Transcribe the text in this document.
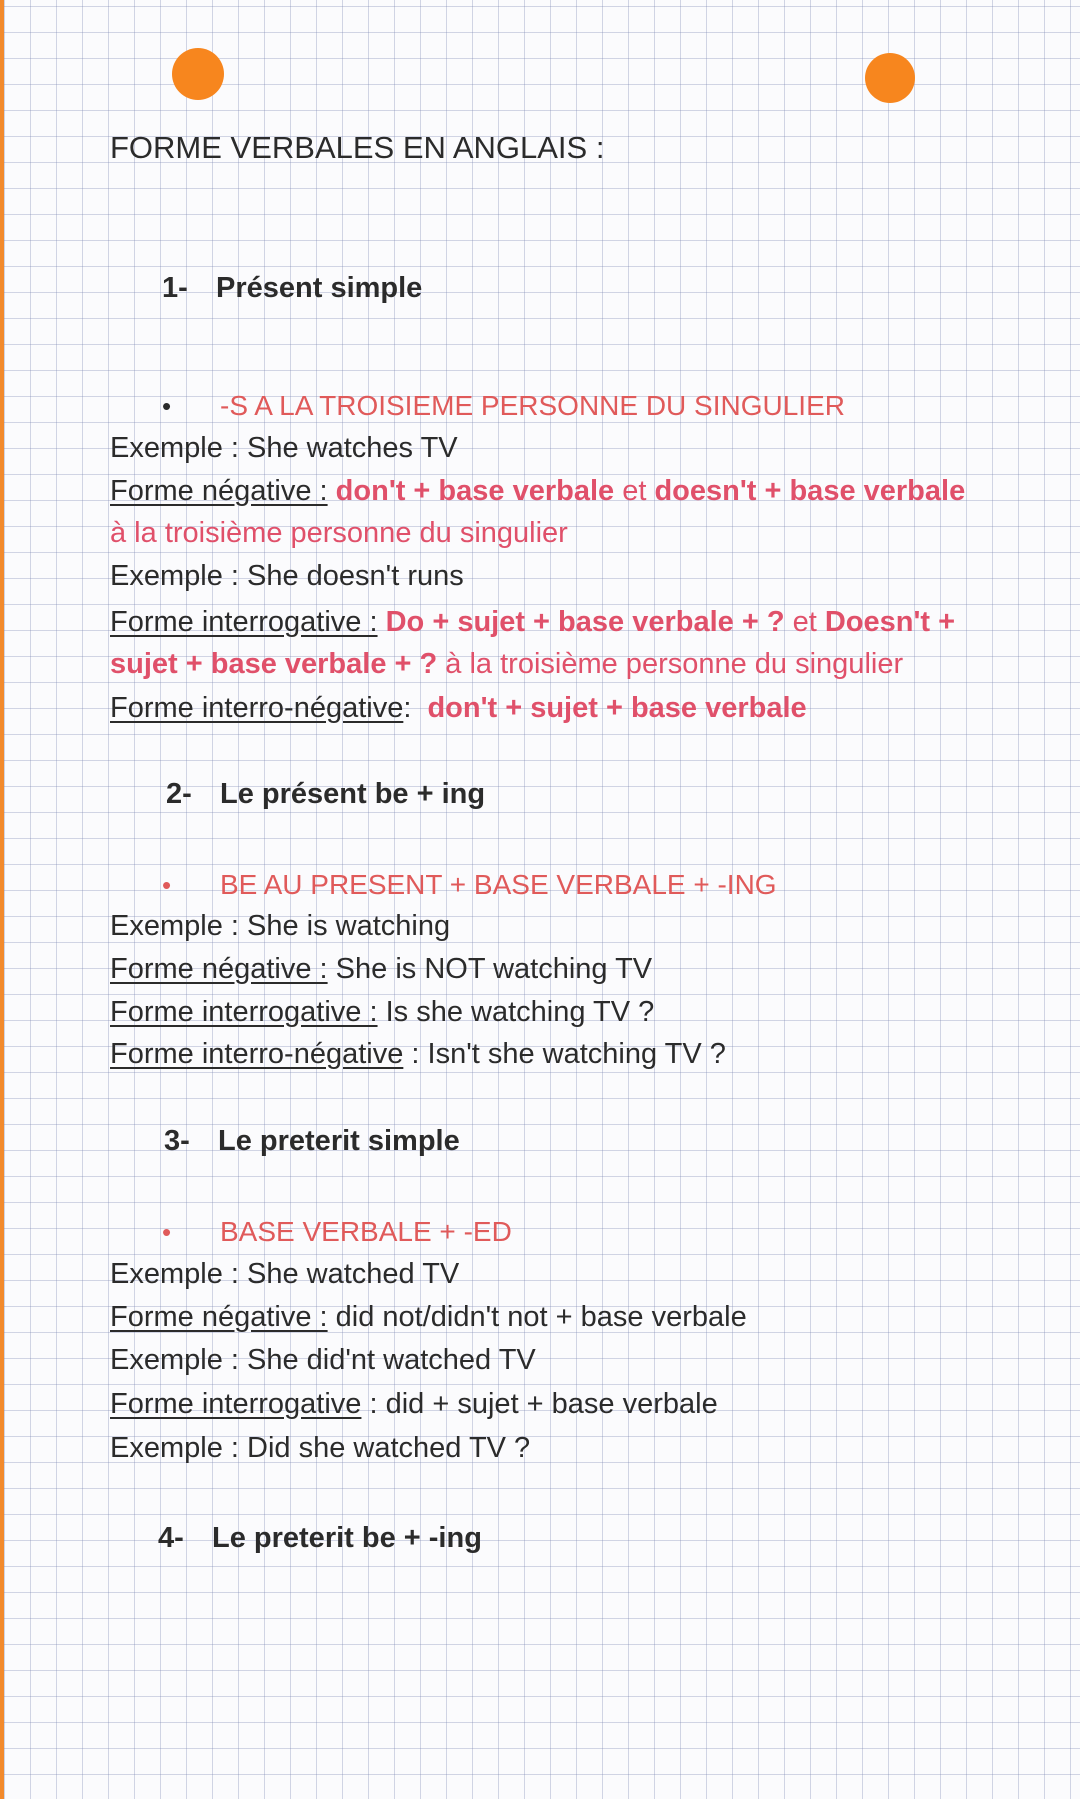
FORME VERBALES EN ANGLAIS :
1- Présent simple
• -S A LA TROISIEME PERSONNE DU SINGULIER
Exemple : She watches TV
Forme négative : don't + base verbale et doesn't + base verbale
à la troisième personne du singulier
Exemple : She doesn't runs
Forme interrogative : Do + sujet + base verbale + ? et Doesn't +
sujet + base verbale + ? à la troisième personne du singulier
Forme interro-négative: don't + sujet + base verbale
2- Le présent be + ing
• BE AU PRESENT + BASE VERBALE + -ING
Exemple : She is watching
Forme négative : She is NOT watching TV
Forme interrogative : Is she watching TV ?
Forme interro-négative : Isn't she watching TV ?
3- Le preterit simple
• BASE VERBALE + -ED
Exemple : She watched TV
Forme négative : did not/didn't not + base verbale
Exemple : She did'nt watched TV
Forme interrogative : did + sujet + base verbale
Exemple : Did she watched TV ?
4- Le preterit be + -ing
